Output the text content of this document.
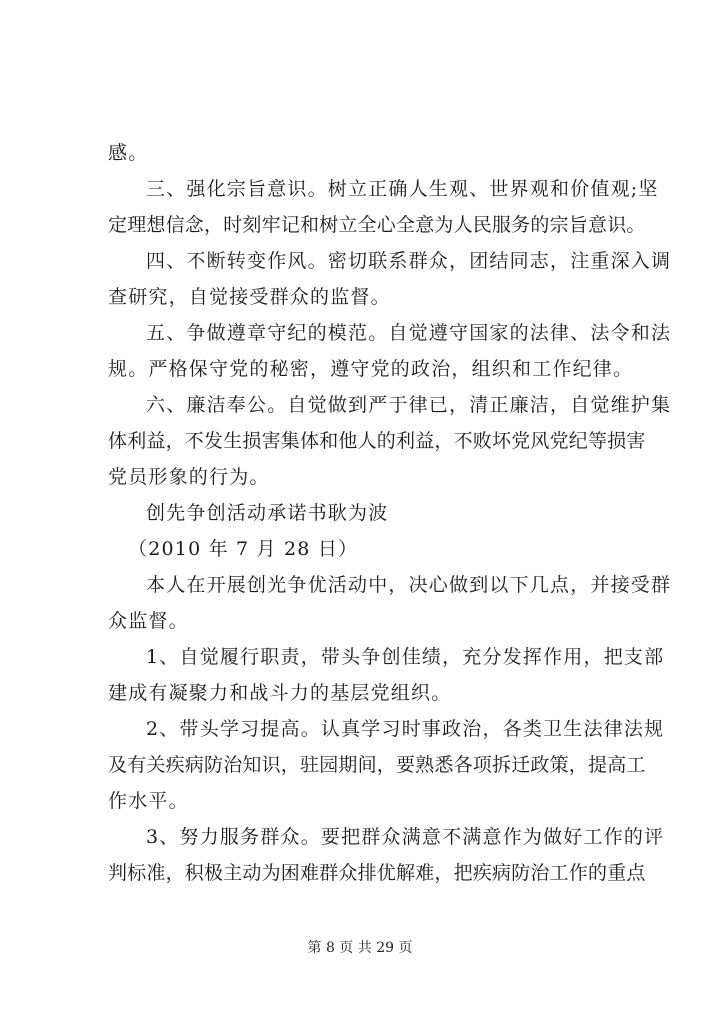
感。
三、强化宗旨意识。树立正确人生观、世界观和价值观;坚
定理想信念，时刻牢记和树立全心全意为人民服务的宗旨意识。
四、不断转变作风。密切联系群众，团结同志，注重深入调
查研究，自觉接受群众的监督。
五、争做遵章守纪的模范。自觉遵守国家的法律、法令和法
规。严格保守党的秘密，遵守党的政治，组织和工作纪律。
六、廉洁奉公。自觉做到严于律已，清正廉洁，自觉维护集
体利益，不发生损害集体和他人的利益，不败坏党风党纪等损害
党员形象的行为。
创先争创活动承诺书耿为波
（2010 年 7 月 28 日）
本人在开展创光争优活动中，决心做到以下几点，并接受群
众监督。
1、自觉履行职责，带头争创佳绩，充分发挥作用，把支部
建成有凝聚力和战斗力的基层党组织。
2、带头学习提高。认真学习时事政治，各类卫生法律法规
及有关疾病防治知识，驻园期间，要熟悉各项拆迁政策，提高工
作水平。
3、努力服务群众。要把群众满意不满意作为做好工作的评
判标准，积极主动为困难群众排优解难，把疾病防治工作的重点
第 8 页 共 29 页
